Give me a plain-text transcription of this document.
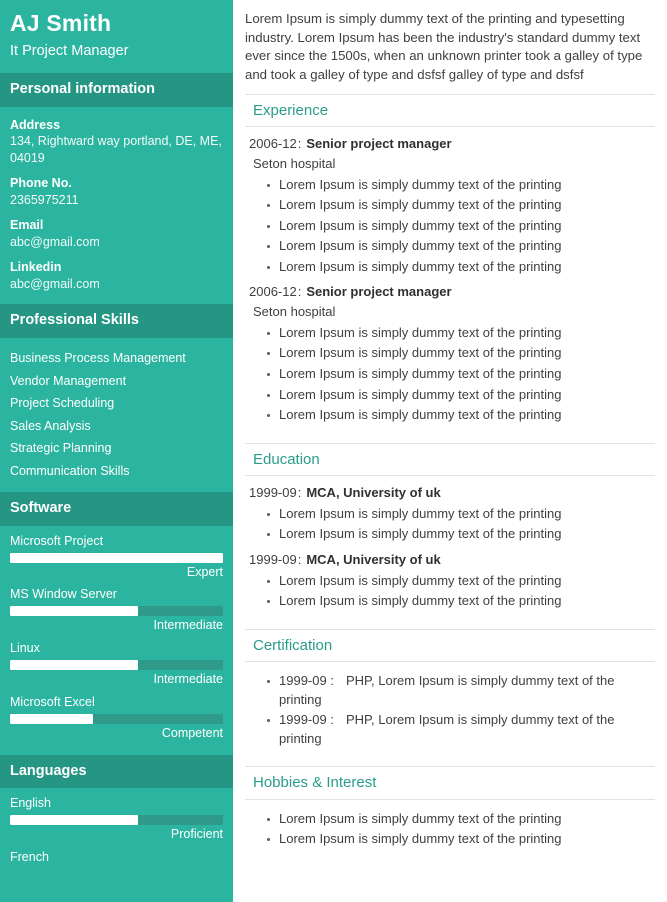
AJ Smith
It Project Manager
Personal information
Address
134, Rightward way portland, DE, ME, 04019
Phone No.
2365975211
Email
abc@gmail.com
Linkedin
abc@gmail.com
Professional Skills
Business Process Management
Vendor Management
Project Scheduling
Sales Analysis
Strategic Planning
Communication Skills
Software
Microsoft Project
Expert
MS Window Server
Intermediate
Linux
Intermediate
Microsoft Excel
Competent
Languages
English
Proficient
French

Lorem Ipsum is simply dummy text of the printing and typesetting industry. Lorem Ipsum has been the industry's standard dummy text ever since the 1500s, when an unknown printer took a galley of type and took a galley of type and dsfsf galley of type and dsfsf

Experience
2006-12: Senior project manager
Seton hospital
Lorem Ipsum is simply dummy text of the printing
Lorem Ipsum is simply dummy text of the printing
Lorem Ipsum is simply dummy text of the printing
Lorem Ipsum is simply dummy text of the printing
Lorem Ipsum is simply dummy text of the printing
2006-12: Senior project manager
Seton hospital
Lorem Ipsum is simply dummy text of the printing
Lorem Ipsum is simply dummy text of the printing
Lorem Ipsum is simply dummy text of the printing
Lorem Ipsum is simply dummy text of the printing
Lorem Ipsum is simply dummy text of the printing
Education
1999-09: MCA, University of uk
Lorem Ipsum is simply dummy text of the printing
Lorem Ipsum is simply dummy text of the printing
1999-09: MCA, University of uk
Lorem Ipsum is simply dummy text of the printing
Lorem Ipsum is simply dummy text of the printing
Certification
1999-09 : PHP, Lorem Ipsum is simply dummy text of the printing
1999-09 : PHP, Lorem Ipsum is simply dummy text of the printing
Hobbies & Interest
Lorem Ipsum is simply dummy text of the printing
Lorem Ipsum is simply dummy text of the printing
